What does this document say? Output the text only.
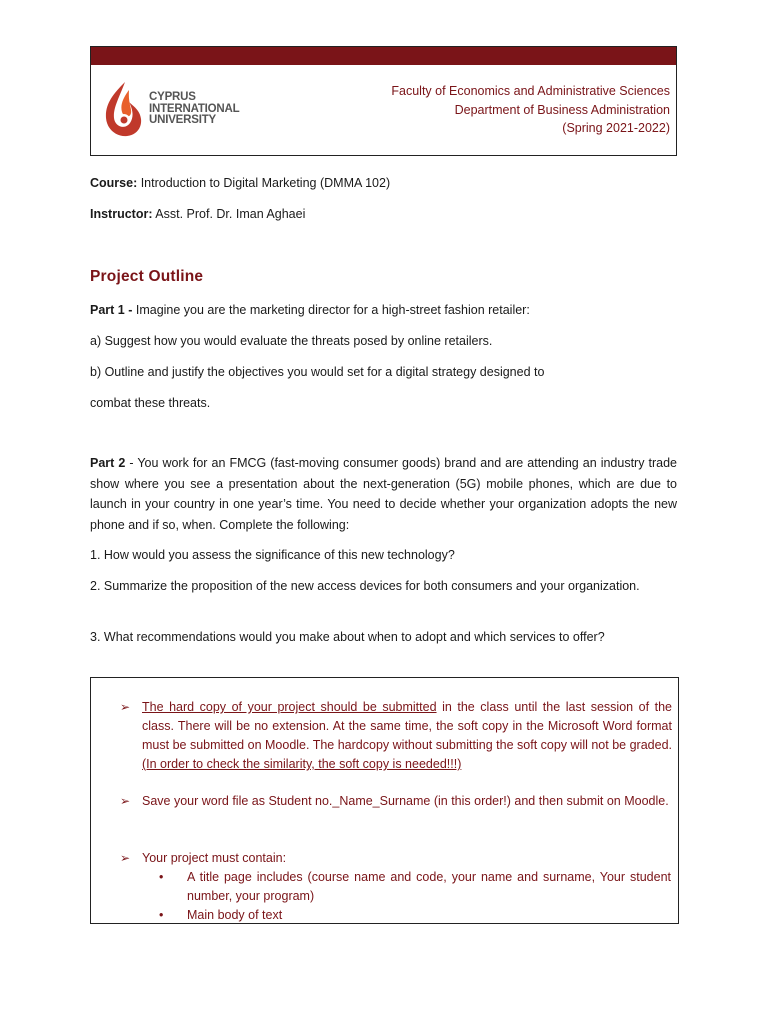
CYPRUS
INTERNATIONAL
UNIVERSITY
Faculty of Economics and Administrative Sciences
Department of Business Administration
(Spring 2021-2022)
Course: Introduction to Digital Marketing (DMMA 102)
Instructor: Asst. Prof. Dr. Iman Aghaei
Project Outline
Part 1 - Imagine you are the marketing director for a high-street fashion retailer:
a) Suggest how you would evaluate the threats posed by online retailers.
b) Outline and justify the objectives you would set for a digital strategy designed to
combat these threats.
Part 2 - You work for an FMCG (fast-moving consumer goods) brand and are attending an industry trade show where you see a presentation about the next-generation (5G) mobile phones, which are due to launch in your country in one year’s time. You need to decide whether your organization adopts the new phone and if so, when. Complete the following:
1. How would you assess the significance of this new technology?
2. Summarize the proposition of the new access devices for both consumers and your organization.
3. What recommendations would you make about when to adopt and which services to offer?
➢ The hard copy of your project should be submitted in the class until the last session of the class. There will be no extension. At the same time, the soft copy in the Microsoft Word format must be submitted on Moodle. The hardcopy without submitting the soft copy will not be graded. (In order to check the similarity, the soft copy is needed!!!)
➢ Save your word file as Student no._Name_Surname (in this order!) and then submit on Moodle.
➢ Your project must contain:
• A title page includes (course name and code, your name and surname, Your student number, your program)
• Main body of text
